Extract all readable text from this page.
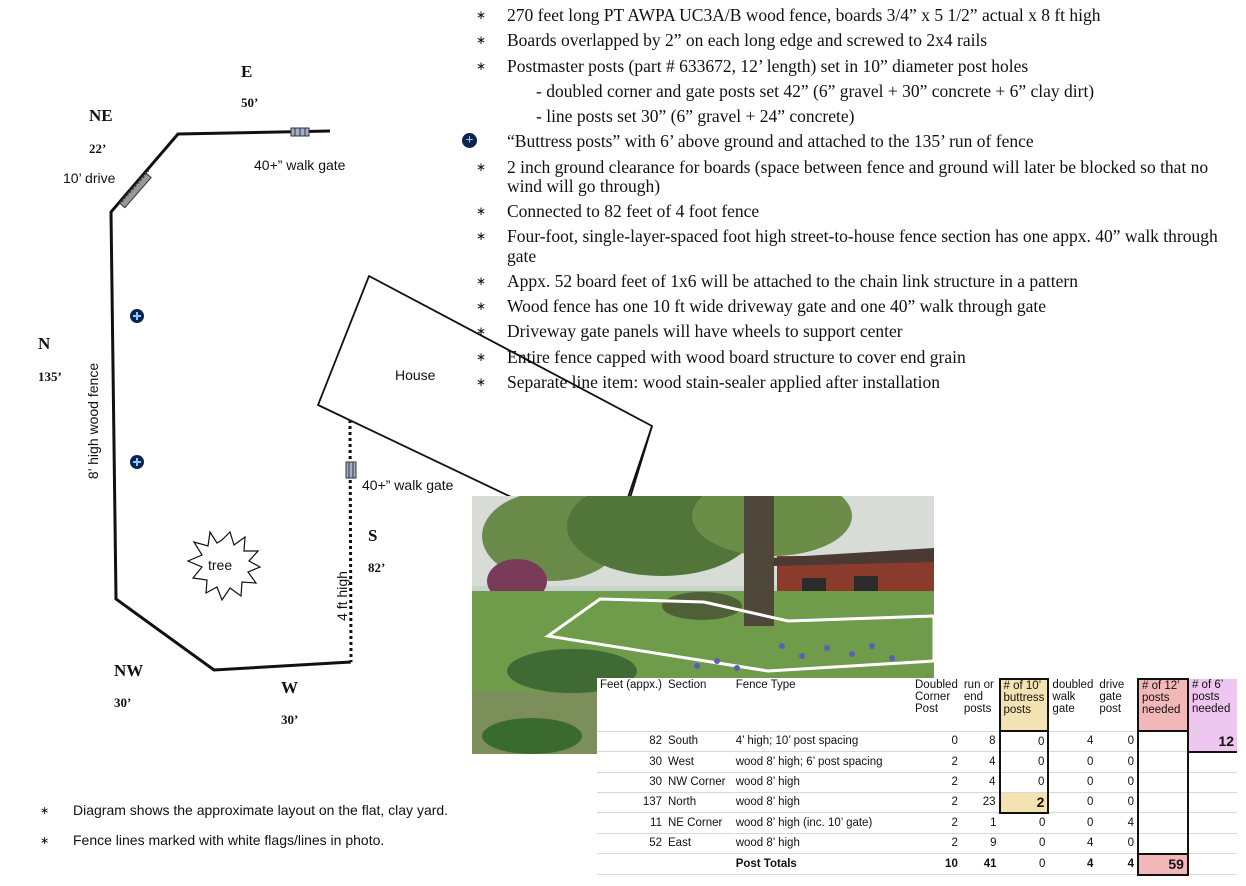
E
50’
NE
22’
10’ drive
40+” walk gate
N
135’ 8’ high wood fence	House
40+” walk gate
S
82’
4 ft high
tree
NW
30’
W
30’
∗ 270 feet long PT AWPA UC3A/B wood fence, boards 3/4” x 5 1/2” actual x 8 ft high
∗ Boards overlapped by 2” on each long edge and screwed to 2x4 rails
∗ Postmaster posts (part # 633672, 12’ length) set in 10” diameter post holes
- doubled corner and gate posts set 42” (6” gravel + 30” concrete + 6” clay dirt)
- line posts set 30” (6” gravel + 24” concrete)
+
“Buttress posts” with 6’ above ground and attached to the 135’ run of fence
∗ 2 inch ground clearance for boards (space between fence and ground will later be blocked so that no wind will go through)
∗ Connected to 82 feet of 4 foot fence
∗ Four-foot, single-layer-spaced foot high street-to-house fence section has one appx. 40” walk through gate
∗ Appx. 52 board feet of 1x6 will be attached to the chain link structure in a pattern
∗ Wood fence has one 10 ft wide driveway gate and one 40” walk through gate
∗ Driveway gate panels will have wheels to support center
∗ Entire fence capped with wood board structure to cover end grain
∗ Separate line item: wood stain-sealer applied after installation
Feet (appx.)	Section	Fence Type	Doubled Corner Post	run or end posts	# of 10’ buttress posts	doubled walk gate	drive gate post	# of 12’ posts needed	# of 6’ posts needed
82	South	4’ high; 10’ post spacing	0	8	0	4	0		12
30	West	wood 8’ high; 6’ post spacing	2	4	0	0	0		
30	NW Corner	wood 8’ high	2	4	0	0	0		
137	North	wood 8’ high	2	23	2	0	0		
11	NE Corner	wood 8’ high (inc. 10’ gate)	2	1	0	0	4		
52	East	wood 8’ high	2	9	0	4	0		
		Post Totals	10	41	0	4	4	59	
∗ Diagram shows the approximate layout on the flat, clay yard.
∗ Fence lines marked with white flags/lines in photo.
